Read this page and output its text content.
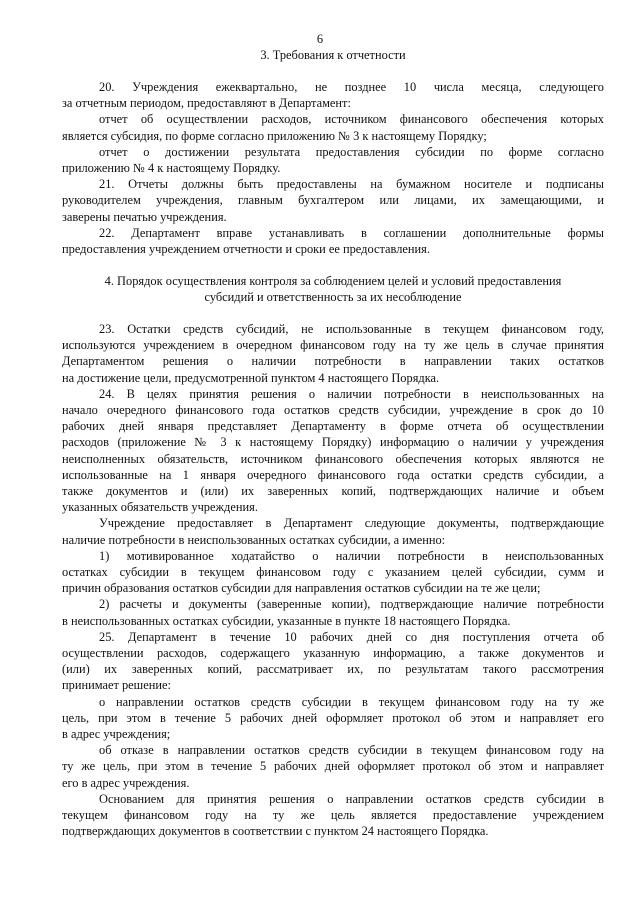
6

3. Требования к отчетности

20. Учреждения ежеквартально, не позднее 10 числа месяца, следующего

за отчетным периодом, предоставляют в Департамент:

отчет об осуществлении расходов, источником финансового обеспечения которых

является субсидия, по форме согласно приложению № 3 к настоящему Порядку;

отчет о достижении результата предоставления субсидии по форме согласно

приложению № 4 к настоящему Порядку.

21. Отчеты должны быть предоставлены на бумажном носителе и подписаны

руководителем учреждения, главным бухгалтером или лицами, их замещающими, и

заверены печатью учреждения.

22. Департамент вправе устанавливать в соглашении дополнительные формы

предоставления учреждением отчетности и сроки ее предоставления.

4. Порядок осуществления контроля за соблюдением целей и условий предоставления

субсидий и ответственность за их несоблюдение

23. Остатки средств субсидий, не использованные в текущем финансовом году,

используются учреждением в очередном финансовом году на ту же цель в случае принятия

Департаментом решения о наличии потребности в направлении таких остатков

на достижение цели, предусмотренной пунктом 4 настоящего Порядка.

24. В целях принятия решения о наличии потребности в неиспользованных на

начало очередного финансового года остатков средств субсидии, учреждение в срок до 10

рабочих дней января представляет Департаменту в форме отчета об осуществлении

расходов (приложение № 3 к настоящему Порядку) информацию о наличии у учреждения

неисполненных обязательств, источником финансового обеспечения которых являются не

использованные на 1 января очередного финансового года остатки средств субсидии, а

также документов и (или) их заверенных копий, подтверждающих наличие и объем

указанных обязательств учреждения.

Учреждение предоставляет в Департамент следующие документы, подтверждающие

наличие потребности в неиспользованных остатках субсидии, а именно:

1) мотивированное ходатайство о наличии потребности в неиспользованных

остатках субсидии в текущем финансовом году с указанием целей субсидии, сумм и

причин образования остатков субсидии для направления остатков субсидии на те же цели;

2) расчеты и документы (заверенные копии), подтверждающие наличие потребности

в неиспользованных остатках субсидии, указанные в пункте 18 настоящего Порядка.

25. Департамент в течение 10 рабочих дней со дня поступления отчета об

осуществлении расходов, содержащего указанную информацию, а также документов и

(или) их заверенных копий, рассматривает их, по результатам такого рассмотрения

принимает решение:

о направлении остатков средств субсидии в текущем финансовом году на ту же

цель, при этом в течение 5 рабочих дней оформляет протокол об этом и направляет его

в адрес учреждения;

об отказе в направлении остатков средств субсидии в текущем финансовом году на

ту же цель, при этом в течение 5 рабочих дней оформляет протокол об этом и направляет

его в адрес учреждения.

Основанием для принятия решения о направлении остатков средств субсидии в

текущем финансовом году на ту же цель является предоставление учреждением

подтверждающих документов в соответствии с пунктом 24 настоящего Порядка.
